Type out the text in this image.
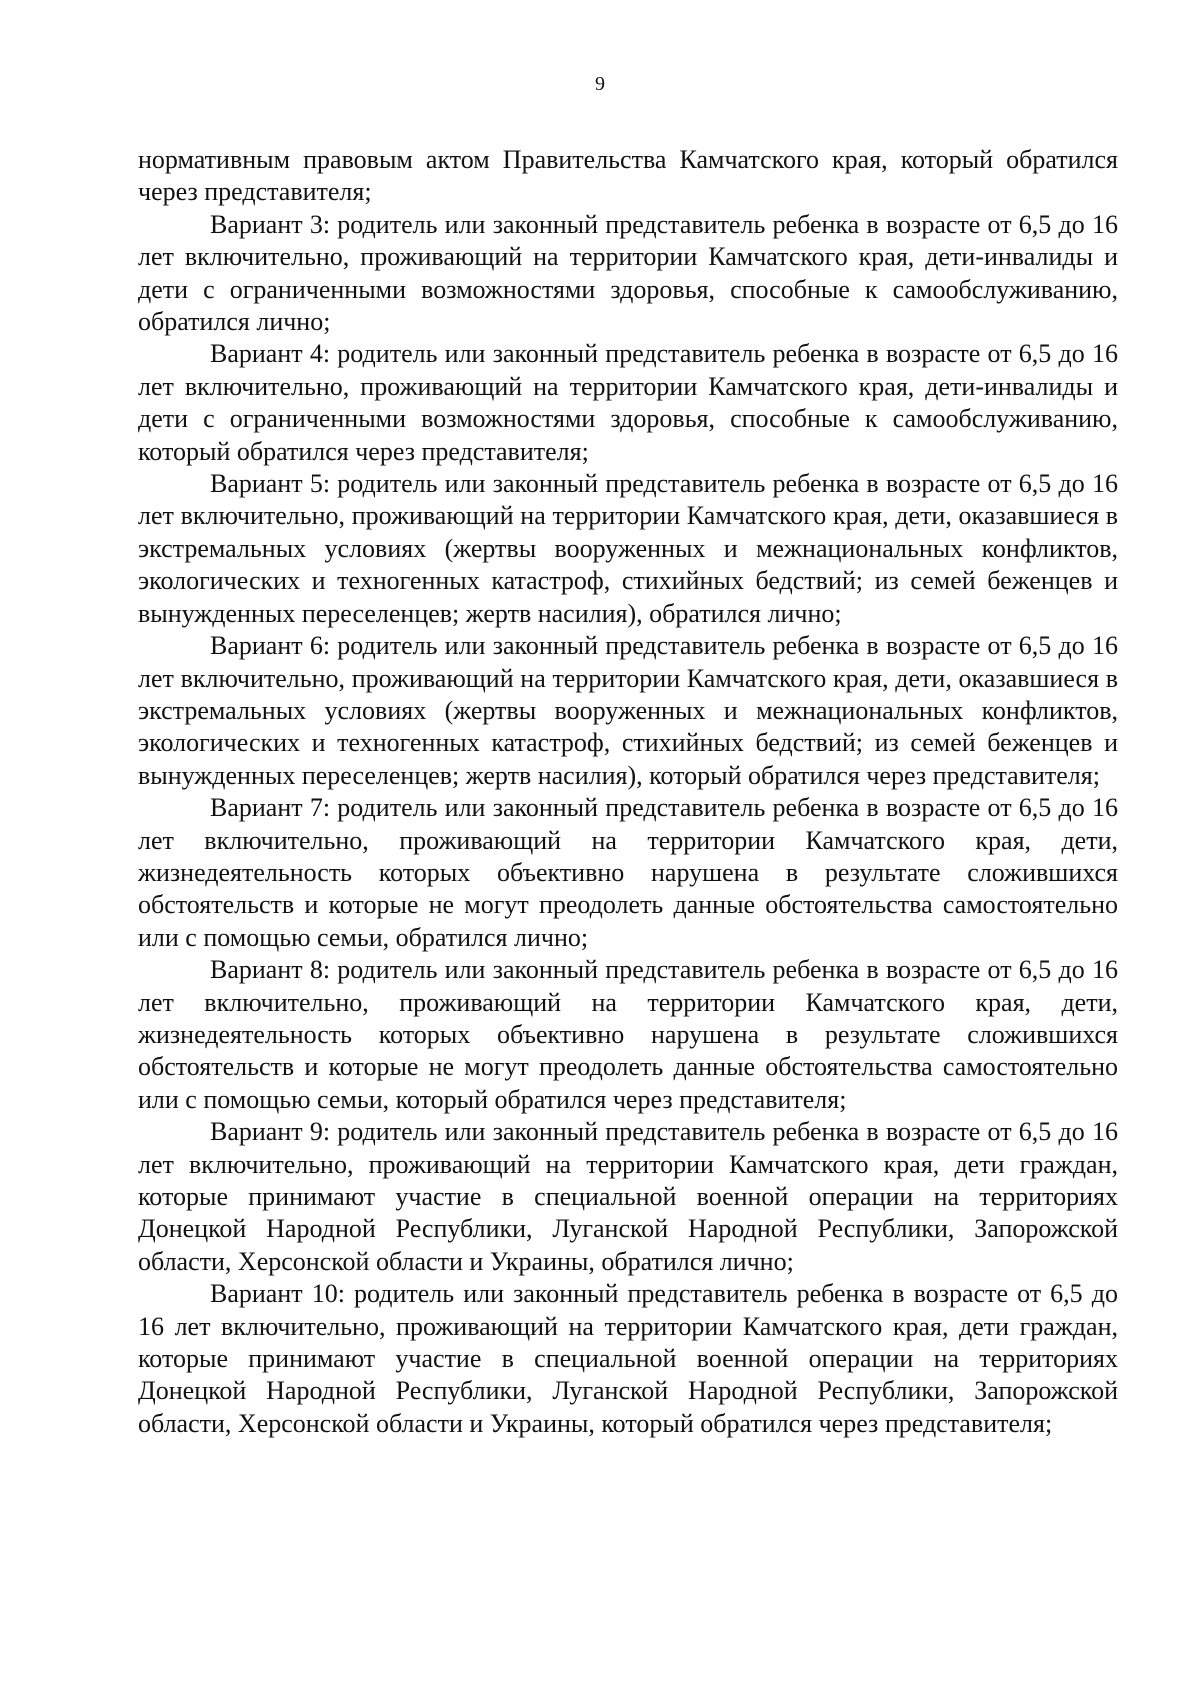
9

нормативным правовым актом Правительства Камчатского края, который обратился через представителя;

Вариант 3: родитель или законный представитель ребенка в возрасте от 6,5 до 16 лет включительно, проживающий на территории Камчатского края, дети-инвалиды и дети с ограниченными возможностями здоровья, способные к самообслуживанию, обратился лично;

Вариант 4: родитель или законный представитель ребенка в возрасте от 6,5 до 16 лет включительно, проживающий на территории Камчатского края, дети-инвалиды и дети с ограниченными возможностями здоровья, способные к самообслуживанию, который обратился через представителя;

Вариант 5: родитель или законный представитель ребенка в возрасте от 6,5 до 16 лет включительно, проживающий на территории Камчатского края, дети, оказавшиеся в экстремальных условиях (жертвы вооруженных и межнациональных конфликтов, экологических и техногенных катастроф, стихийных бедствий; из семей беженцев и вынужденных переселенцев; жертв насилия), обратился лично;

Вариант 6: родитель или законный представитель ребенка в возрасте от 6,5 до 16 лет включительно, проживающий на территории Камчатского края, дети, оказавшиеся в экстремальных условиях (жертвы вооруженных и межнациональных конфликтов, экологических и техногенных катастроф, стихийных бедствий; из семей беженцев и вынужденных переселенцев; жертв насилия), который обратился через представителя;

Вариант 7: родитель или законный представитель ребенка в возрасте от 6,5 до 16 лет включительно, проживающий на территории Камчатского края, дети, жизнедеятельность которых объективно нарушена в результате сложившихся обстоятельств и которые не могут преодолеть данные обстоятельства самостоятельно или с помощью семьи, обратился лично;

Вариант 8: родитель или законный представитель ребенка в возрасте от 6,5 до 16 лет включительно, проживающий на территории Камчатского края, дети, жизнедеятельность которых объективно нарушена в результате сложившихся обстоятельств и которые не могут преодолеть данные обстоятельства самостоятельно или с помощью семьи, который обратился через представителя;

Вариант 9: родитель или законный представитель ребенка в возрасте от 6,5 до 16 лет включительно, проживающий на территории Камчатского края, дети граждан, которые принимают участие в специальной военной операции на территориях Донецкой Народной Республики, Луганской Народной Республики, Запорожской области, Херсонской области и Украины, обратился лично;

Вариант 10: родитель или законный представитель ребенка в возрасте от 6,5 до 16 лет включительно, проживающий на территории Камчатского края, дети граждан, которые принимают участие в специальной военной операции на территориях Донецкой Народной Республики, Луганской Народной Республики, Запорожской области, Херсонской области и Украины, который обратился через представителя;
